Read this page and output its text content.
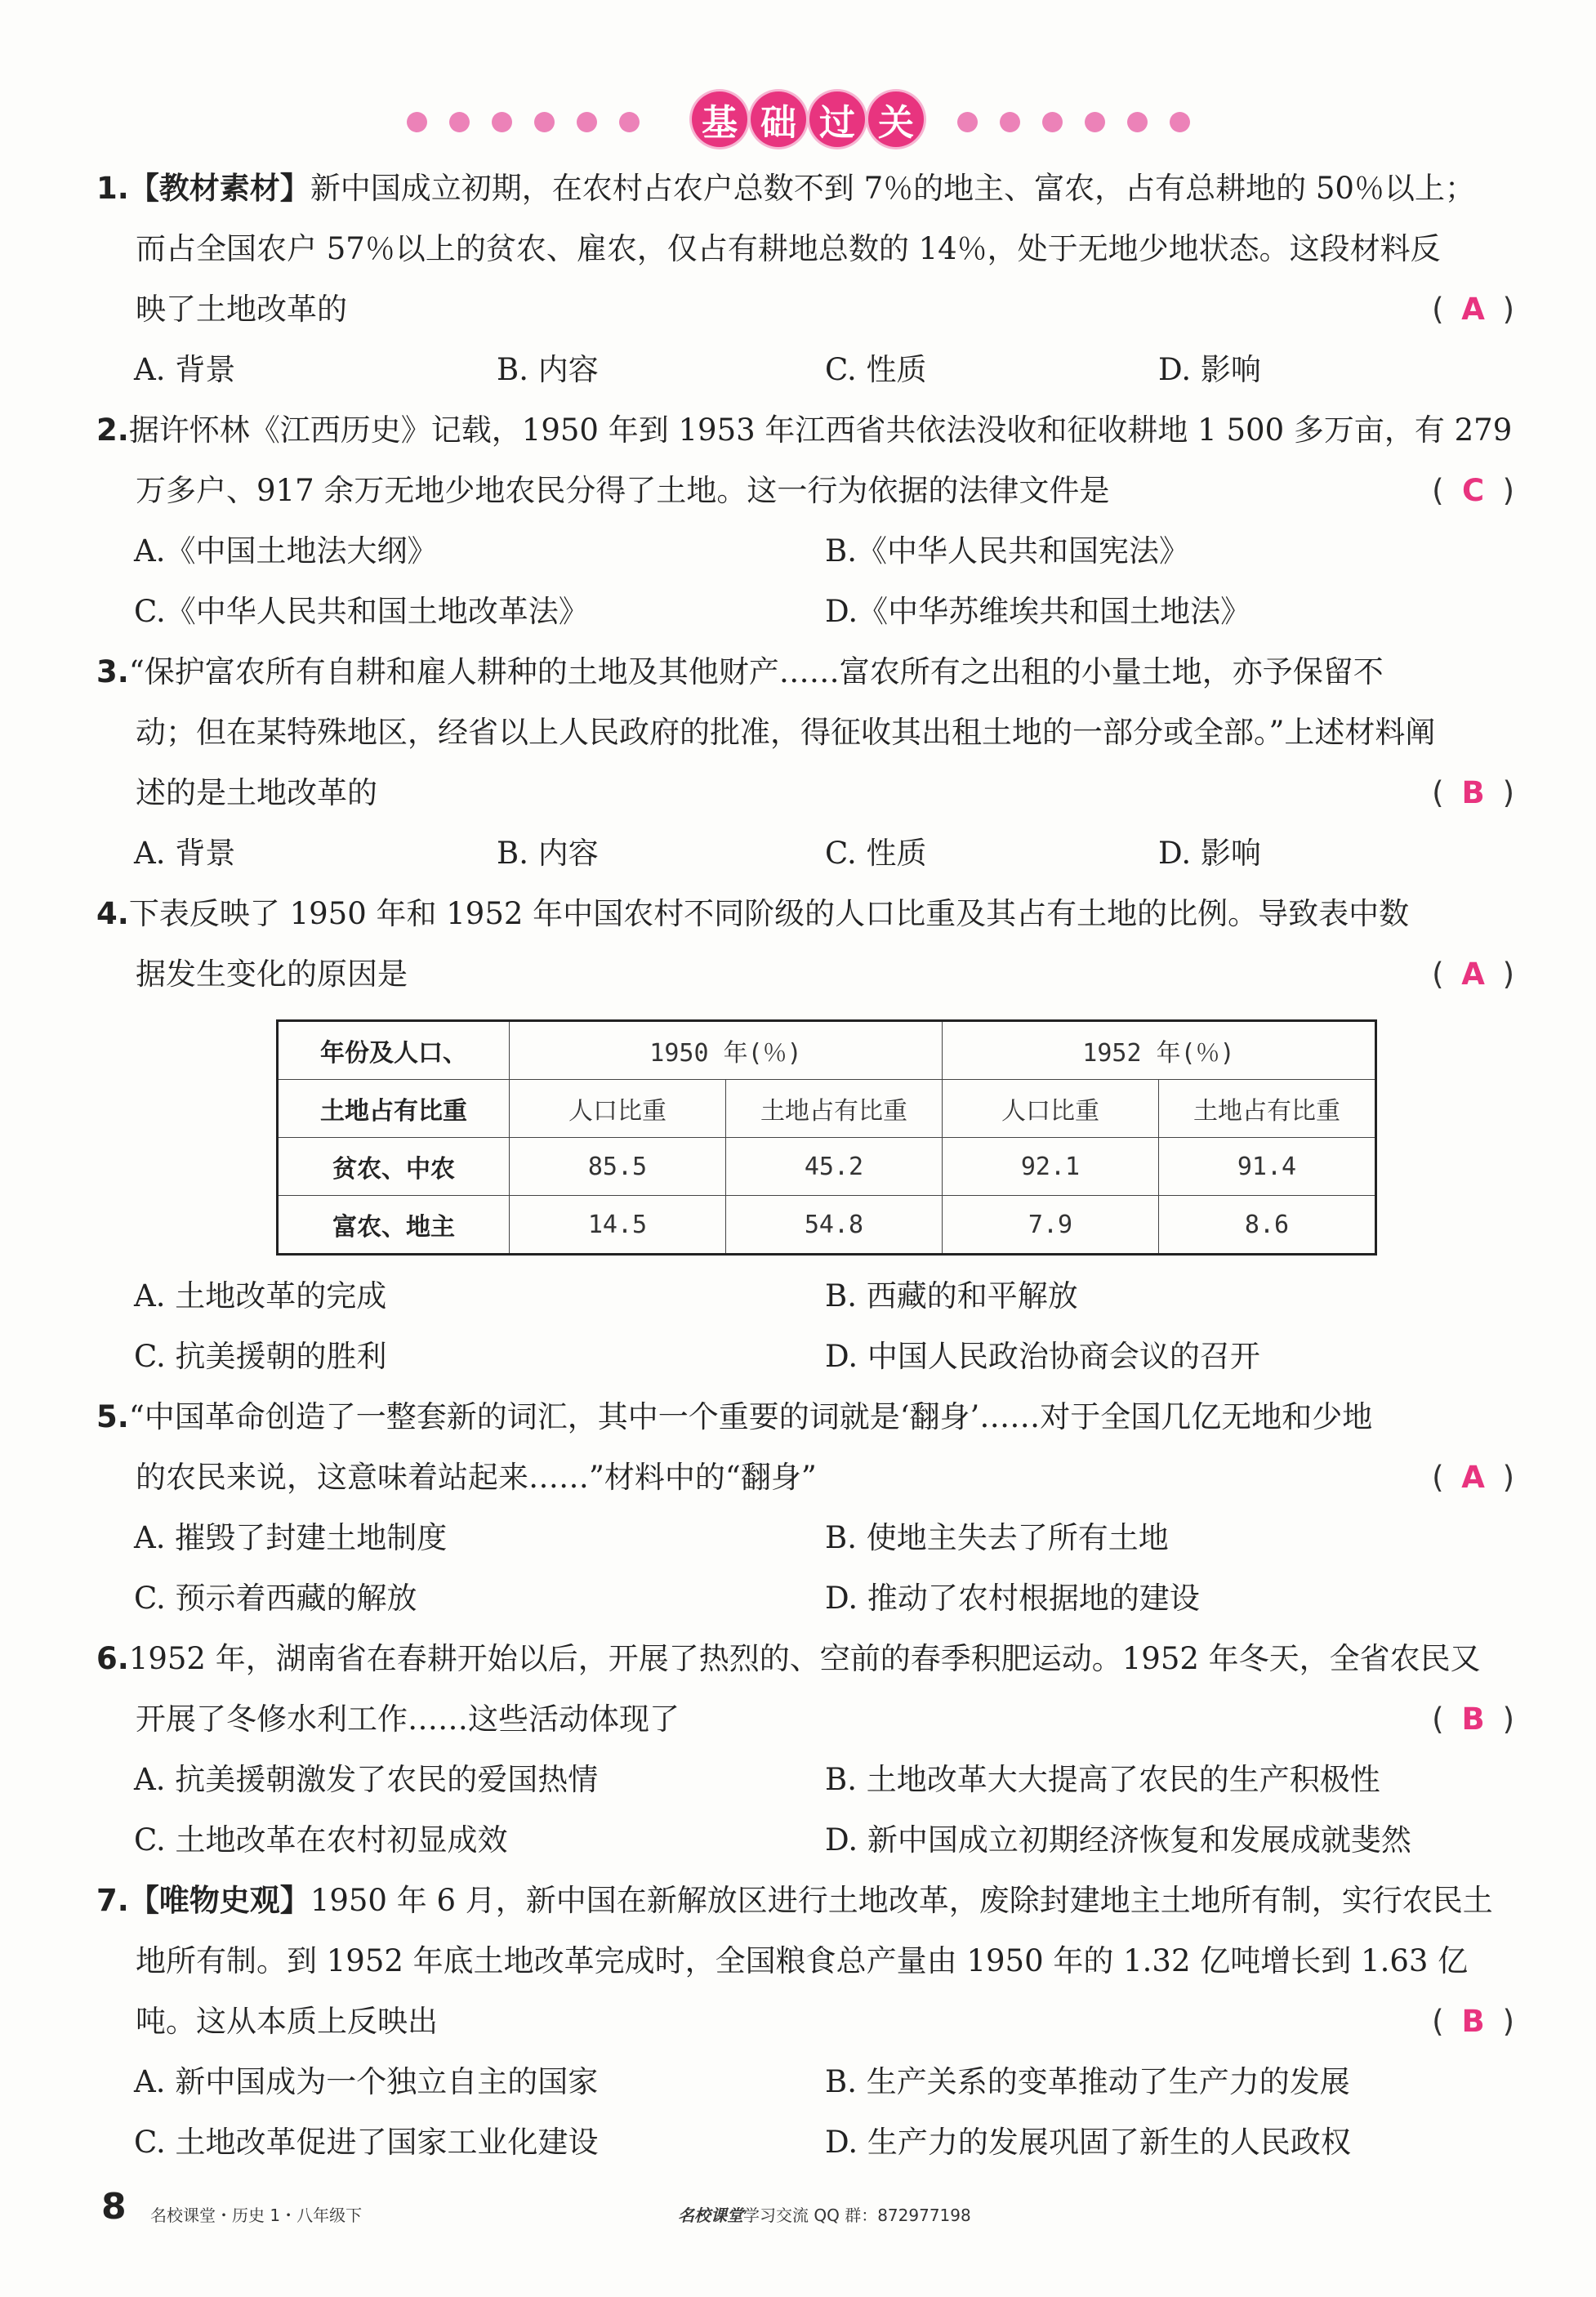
基 础 过 关
1.【教材素材】新中国成立初期，在农村占农户总数不到 7％的地主、富农，占有总耕地的 50％以上；
而占全国农户 57％以上的贫农、雇农，仅占有耕地总数的 14％，处于无地少地状态。这段材料反
映了土地改革的	( A )
A. 背景	B. 内容	C. 性质	D. 影响
2.据许怀林《江西历史》记载，1950 年到 1953 年江西省共依法没收和征收耕地 1 500 多万亩，有 279
万多户、917 余万无地少地农民分得了土地。这一行为依据的法律文件是	( C )
A.《中国土地法大纲》	B.《中华人民共和国宪法》
C.《中华人民共和国土地改革法》	D.《中华苏维埃共和国土地法》
3.“保护富农所有自耕和雇人耕种的土地及其他财产……富农所有之出租的小量土地，亦予保留不
动；但在某特殊地区，经省以上人民政府的批准，得征收其出租土地的一部分或全部。”上述材料阐
述的是土地改革的	( B )
A. 背景	B. 内容	C. 性质	D. 影响
4.下表反映了 1950 年和 1952 年中国农村不同阶级的人口比重及其占有土地的比例。导致表中数
据发生变化的原因是	( A )
年份及人口、	1950 年(％)		1952 年(％)	
土地占有比重	人口比重	土地占有比重	人口比重	土地占有比重
贫农、中农	85.5	45.2	92.1	91.4
富农、地主	14.5	54.8	7.9	8.6
A. 土地改革的完成	B. 西藏的和平解放
C. 抗美援朝的胜利	D. 中国人民政治协商会议的召开
5.“中国革命创造了一整套新的词汇，其中一个重要的词就是‘翻身’……对于全国几亿无地和少地
的农民来说，这意味着站起来……”材料中的“翻身”	( A )
A. 摧毁了封建土地制度	B. 使地主失去了所有土地
C. 预示着西藏的解放	D. 推动了农村根据地的建设
6.1952 年，湖南省在春耕开始以后，开展了热烈的、空前的春季积肥运动。1952 年冬天，全省农民又
开展了冬修水利工作……这些活动体现了	( B )
A. 抗美援朝激发了农民的爱国热情	B. 土地改革大大提高了农民的生产积极性
C. 土地改革在农村初显成效	D. 新中国成立初期经济恢复和发展成就斐然
7.【唯物史观】1950 年 6 月，新中国在新解放区进行土地改革，废除封建地主土地所有制，实行农民土
地所有制。到 1952 年底土地改革完成时，全国粮食总产量由 1950 年的 1.32 亿吨增长到 1.63 亿
吨。这从本质上反映出	( B )
A. 新中国成为一个独立自主的国家	B. 生产关系的变革推动了生产力的发展
C. 土地改革促进了国家工业化建设	D. 生产力的发展巩固了新生的人民政权
8 名校课堂・历史 1・八年级下	名校课堂学习交流 QQ 群：872977198
